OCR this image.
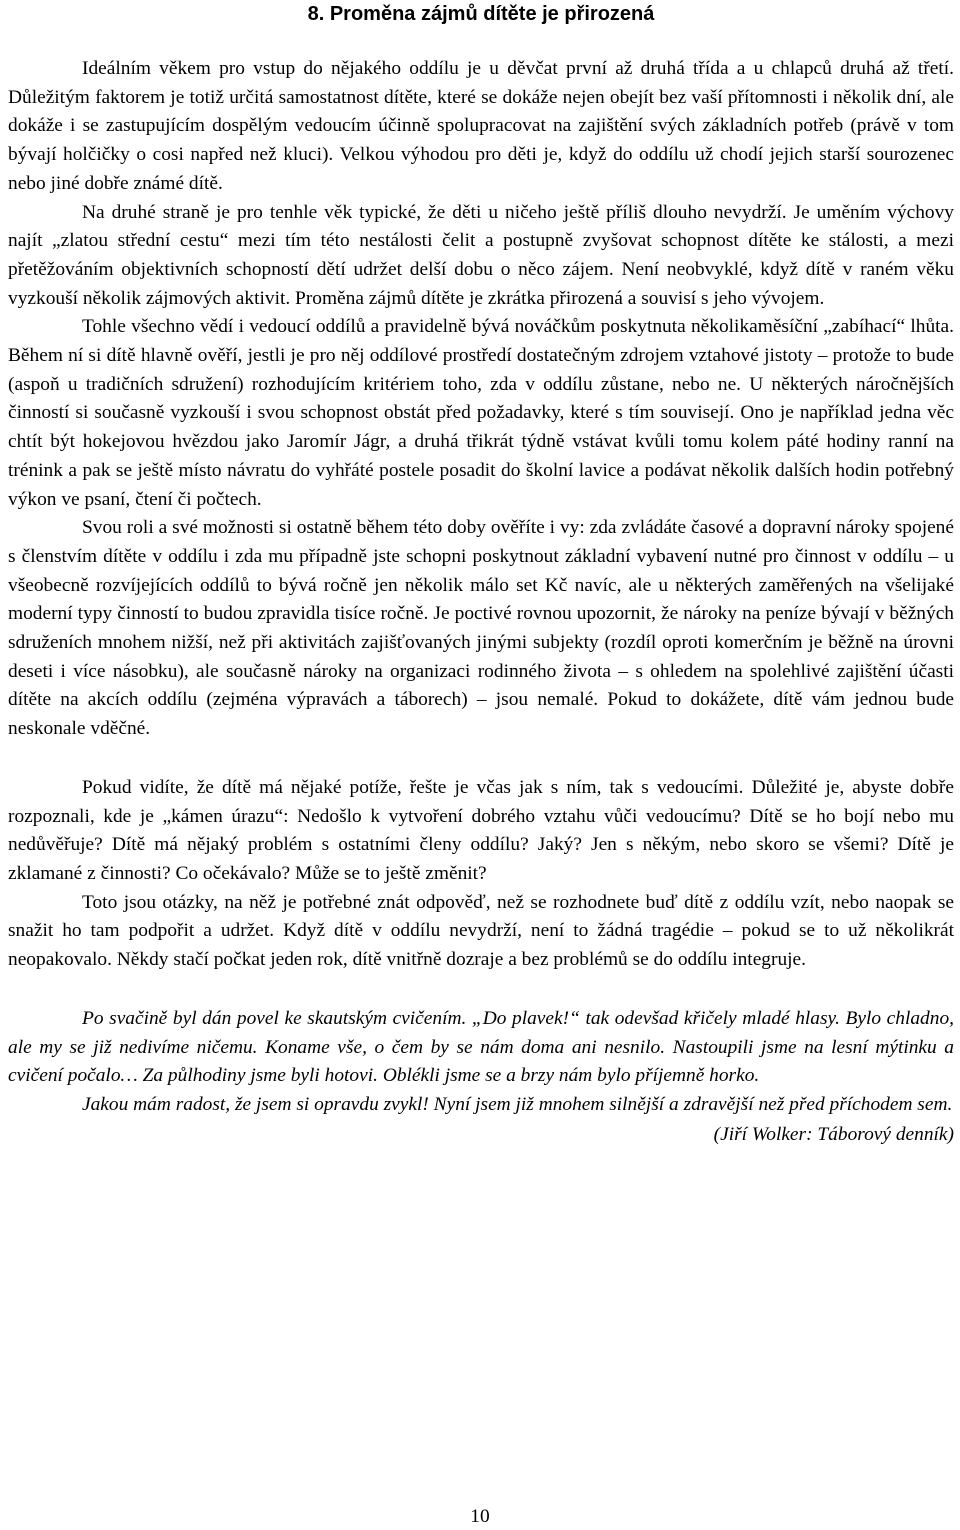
8. Proměna zájmů dítěte je přirozená

Ideálním věkem pro vstup do nějakého oddílu je u děvčat první až druhá třída a u chlapců druhá až třetí. Důležitým faktorem je totiž určitá samostatnost dítěte, které se dokáže nejen obejít bez vaší přítomnosti i několik dní, ale dokáže i se zastupujícím dospělým vedoucím účinně spolupracovat na zajištění svých základních potřeb (právě v tom bývají holčičky o cosi napřed než kluci). Velkou výhodou pro děti je, když do oddílu už chodí jejich starší sourozenec nebo jiné dobře známé dítě.

Na druhé straně je pro tenhle věk typické, že děti u ničeho ještě příliš dlouho nevydrží. Je uměním výchovy najít „zlatou střední cestu“ mezi tím této nestálosti čelit a postupně zvyšovat schopnost dítěte ke stálosti, a mezi přetěžováním objektivních schopností dětí udržet delší dobu o něco zájem. Není neobvyklé, když dítě v raném věku vyzkouší několik zájmových aktivit. Proměna zájmů dítěte je zkrátka přirozená a souvisí s jeho vývojem.

Tohle všechno vědí i vedoucí oddílů a pravidelně bývá nováčkům poskytnuta několikaměsíční „zabíhací“ lhůta. Během ní si dítě hlavně ověří, jestli je pro něj oddílové prostředí dostatečným zdrojem vztahové jistoty – protože to bude (aspoň u tradičních sdružení) rozhodujícím kritériem toho, zda v oddílu zůstane, nebo ne. U některých náročnějších činností si současně vyzkouší i svou schopnost obstát před požadavky, které s tím souvisejí. Ono je například jedna věc chtít být hokejovou hvězdou jako Jaromír Jágr, a druhá třikrát týdně vstávat kvůli tomu kolem páté hodiny ranní na trénink a pak se ještě místo návratu do vyhřáté postele posadit do školní lavice a podávat několik dalších hodin potřebný výkon ve psaní, čtení či počtech.

Svou roli a své možnosti si ostatně během této doby ověříte i vy: zda zvládáte časové a dopravní nároky spojené s členstvím dítěte v oddílu i zda mu případně jste schopni poskytnout základní vybavení nutné pro činnost v oddílu – u všeobecně rozvíjejících oddílů to bývá ročně jen několik málo set Kč navíc, ale u některých zaměřených na všelijaké moderní typy činností to budou zpravidla tisíce ročně. Je poctivé rovnou upozornit, že nároky na peníze bývají v běžných sdruženích mnohem nižší, než při aktivitách zajišťovaných jinými subjekty (rozdíl oproti komerčním je běžně na úrovni deseti i více násobku), ale současně nároky na organizaci rodinného života – s ohledem na spolehlivé zajištění účasti dítěte na akcích oddílu (zejména výpravách a táborech) – jsou nemalé. Pokud to dokážete, dítě vám jednou bude neskonale vděčné.

Pokud vidíte, že dítě má nějaké potíže, řešte je včas jak s ním, tak s vedoucími. Důležité je, abyste dobře rozpoznali, kde je „kámen úrazu“: Nedošlo k vytvoření dobrého vztahu vůči vedoucímu? Dítě se ho bojí nebo mu nedůvěřuje? Dítě má nějaký problém s ostatními členy oddílu? Jaký? Jen s někým, nebo skoro se všemi? Dítě je zklamané z činnosti? Co očekávalo? Může se to ještě změnit?

Toto jsou otázky, na něž je potřebné znát odpověď, než se rozhodnete buď dítě z oddílu vzít, nebo naopak se snažit ho tam podpořit a udržet. Když dítě v oddílu nevydrží, není to žádná tragédie – pokud se to už několikrát neopakovalo. Někdy stačí počkat jeden rok, dítě vnitřně dozraje a bez problémů se do oddílu integruje.

Po svačině byl dán povel ke skautským cvičením. „Do plavek!“ tak odevšad křičely mladé hlasy. Bylo chladno, ale my se již nedivíme ničemu. Koname vše, o čem by se nám doma ani nesnilo. Nastoupili jsme na lesní mýtinku a cvičení počalo… Za půlhodiny jsme byli hotovi. Oblékli jsme se a brzy nám bylo příjemně horko.

Jakou mám radost, že jsem si opravdu zvykl! Nyní jsem již mnohem silnější a zdravější než před příchodem sem.

(Jiří Wolker: Táborový denník)

10
